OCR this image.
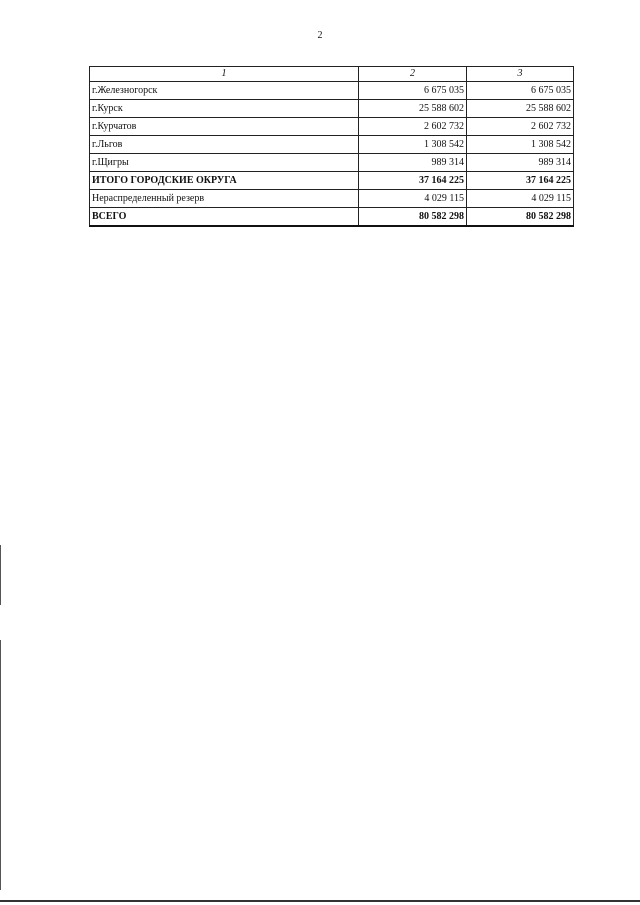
2
1	2	3
г.Железногорск	6 675 035	6 675 035
г.Курск	25 588 602	25 588 602
г.Курчатов	2 602 732	2 602 732
г.Льгов	1 308 542	1 308 542
г.Щигры	989 314	989 314
ИТОГО ГОРОДСКИЕ ОКРУГА	37 164 225	37 164 225
Нераспределенный резерв	4 029 115	4 029 115
ВСЕГО	80 582 298	80 582 298
